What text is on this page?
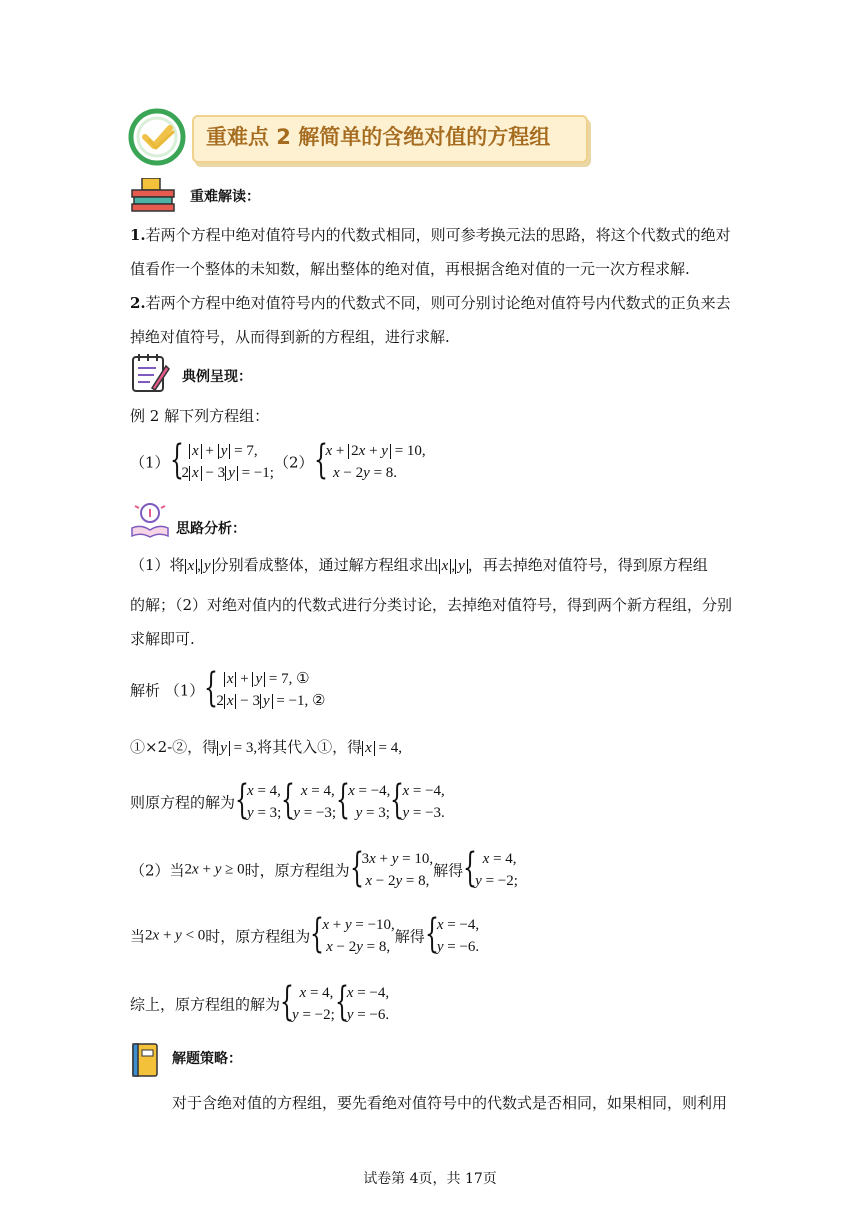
重难点 2 解简单的含绝对值的方程组
重难解读：
1.若两个方程中绝对值符号内的代数式相同，则可参考换元法的思路，将这个代数式的绝对
值看作一个整体的未知数，解出整体的绝对值，再根据含绝对值的一元一次方程求解.
2.若两个方程中绝对值符号内的代数式不同，则可分别讨论绝对值符号内代数式的正负来去
掉绝对值符号，从而得到新的方程组，进行求解.
典例呈现：
例 2 解下列方程组：
（1） { x + y = 7,
2 x − 3 y = −1;
（2） {
x + 2x + y = 10,
x − 2y = 8.
思路分析：
（1）将 x , y 分别看成整体，通过解方程组求出 x , y ，再去掉绝对值符号，得到原方程组
的解；（2）对绝对值内的代数式进行分类讨论，去掉绝对值符号，得到两个新方程组，分别
求解即可.
解析 （1） { x + y = 7, ①
2 x − 3 y = −1, ②
①×2-②，得 y = 3,将其代入①，得 x = 4,
则原方程的解为 {
x = 4,
y = 3; { x = 4,
y = −3; {
x = −4,
y = 3; {
x = −4,
y = −3.
（2）当2x + y ≥ 0时，原方程组为 {
3x + y = 10,
x − 2y = 8,
解得 { x = 4,
y = −2;
当2x + y < 0时，原方程组为 {
x + y = −10,
x − 2y = 8,
解得 {
x = −4,
y = −6.
综上，原方程组的解为 { x = 4,
y = −2; {
x = −4,
y = −6.
解题策略：
对于含绝对值的方程组，要先看绝对值符号中的代数式是否相同，如果相同，则利用
试卷第 4页，共 17页
